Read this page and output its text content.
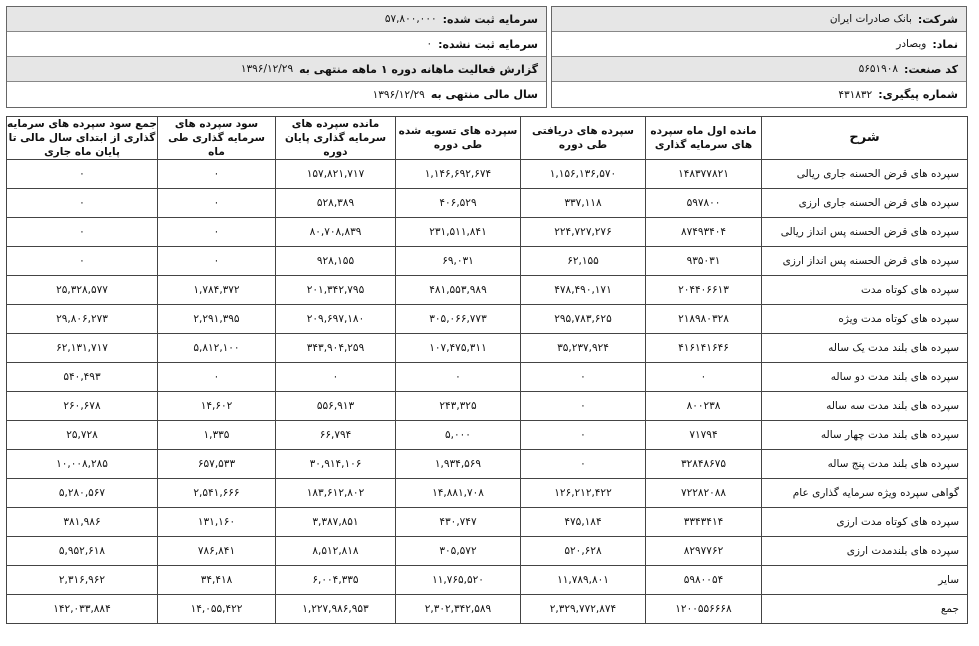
شرکت:
بانک صادرات ایران
نماد:
وبصادر
کد صنعت:
۵۶۵۱۹۰۸
شماره پیگیری:
۴۳۱۸۳۲
سرمایه ثبت شده:
۵۷,۸۰۰,۰۰۰
سرمایه ثبت نشده:
۰
گزارش فعالیت ماهانه دوره ۱ ماهه منتهی به
۱۳۹۶/۱۲/۲۹
سال مالی منتهی به
۱۳۹۶/۱۲/۲۹
شرح	مانده اول ماه سپرده های سرمایه گذاری	سپرده های دریافتی طی دوره	سپرده های تسویه شده طی دوره	مانده سپرده های سرمایه گذاری پایان دوره	سود سپرده های سرمایه گذاری طی ماه	جمع سود سپرده های سرمایه گذاری از ابتدای سال مالی تا پایان ماه جاری
سپرده های قرض الحسنه جاری ریالی	۱۴۸۳۷۷۸۲۱	۱,۱۵۶,۱۳۶,۵۷۰	۱,۱۴۶,۶۹۲,۶۷۴	۱۵۷,۸۲۱,۷۱۷	۰	۰
سپرده های قرض الحسنه جاری ارزی	۵۹۷۸۰۰	۳۳۷,۱۱۸	۴۰۶,۵۲۹	۵۲۸,۳۸۹	۰	۰
سپرده های قرض الحسنه پس انداز ریالی	۸۷۴۹۳۴۰۴	۲۲۴,۷۲۷,۲۷۶	۲۳۱,۵۱۱,۸۴۱	۸۰,۷۰۸,۸۳۹	۰	۰
سپرده های قرض الحسنه پس انداز ارزی	۹۳۵۰۳۱	۶۲,۱۵۵	۶۹,۰۳۱	۹۲۸,۱۵۵	۰	۰
سپرده های کوتاه مدت	۲۰۴۴۰۶۶۱۳	۴۷۸,۴۹۰,۱۷۱	۴۸۱,۵۵۳,۹۸۹	۲۰۱,۳۴۲,۷۹۵	۱,۷۸۴,۳۷۲	۲۵,۳۲۸,۵۷۷
سپرده های کوتاه مدت ویژه	۲۱۸۹۸۰۳۲۸	۲۹۵,۷۸۳,۶۲۵	۳۰۵,۰۶۶,۷۷۳	۲۰۹,۶۹۷,۱۸۰	۲,۲۹۱,۳۹۵	۲۹,۸۰۶,۲۷۳
سپرده های بلند مدت یک ساله	۴۱۶۱۴۱۶۴۶	۳۵,۲۳۷,۹۲۴	۱۰۷,۴۷۵,۳۱۱	۳۴۳,۹۰۴,۲۵۹	۵,۸۱۲,۱۰۰	۶۲,۱۳۱,۷۱۷
سپرده های بلند مدت دو ساله	۰	۰	۰	۰	۰	۵۴۰,۴۹۳
سپرده های بلند مدت سه ساله	۸۰۰۲۳۸	۰	۲۴۳,۳۲۵	۵۵۶,۹۱۳	۱۴,۶۰۲	۲۶۰,۶۷۸
سپرده های بلند مدت چهار ساله	۷۱۷۹۴	۰	۵,۰۰۰	۶۶,۷۹۴	۱,۳۳۵	۲۵,۷۲۸
سپرده های بلند مدت پنج ساله	۳۲۸۴۸۶۷۵	۰	۱,۹۳۴,۵۶۹	۳۰,۹۱۴,۱۰۶	۶۵۷,۵۳۳	۱۰,۰۰۸,۲۸۵
گواهی سپرده ویژه سرمایه گذاری عام	۷۲۲۸۲۰۸۸	۱۲۶,۲۱۲,۴۲۲	۱۴,۸۸۱,۷۰۸	۱۸۳,۶۱۲,۸۰۲	۲,۵۴۱,۶۶۶	۵,۲۸۰,۵۶۷
سپرده های کوتاه مدت ارزی	۳۳۴۳۴۱۴	۴۷۵,۱۸۴	۴۳۰,۷۴۷	۳,۳۸۷,۸۵۱	۱۳۱,۱۶۰	۳۸۱,۹۸۶
سپرده های بلندمدت ارزی	۸۲۹۷۷۶۲	۵۲۰,۶۲۸	۳۰۵,۵۷۲	۸,۵۱۲,۸۱۸	۷۸۶,۸۴۱	۵,۹۵۲,۶۱۸
سایر	۵۹۸۰۰۵۴	۱۱,۷۸۹,۸۰۱	۱۱,۷۶۵,۵۲۰	۶,۰۰۴,۳۳۵	۳۴,۴۱۸	۲,۳۱۶,۹۶۲
جمع	۱۲۰۰۵۵۶۶۶۸	۲,۳۲۹,۷۷۲,۸۷۴	۲,۳۰۲,۳۴۲,۵۸۹	۱,۲۲۷,۹۸۶,۹۵۳	۱۴,۰۵۵,۴۲۲	۱۴۲,۰۳۳,۸۸۴
